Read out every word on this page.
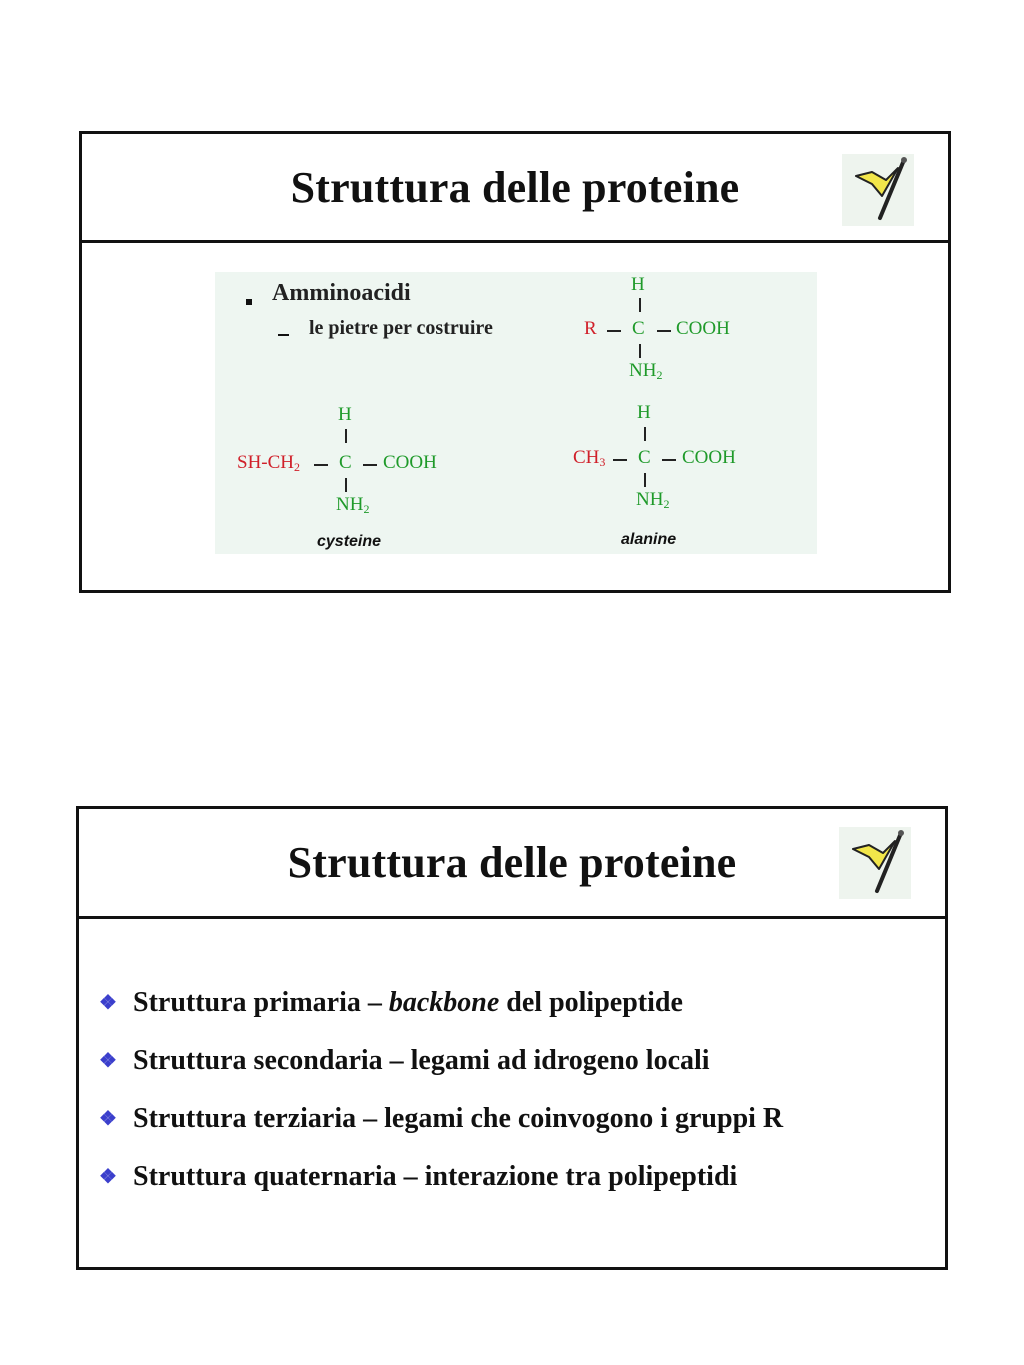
Struttura delle proteine
Amminoacidi
le pietre per costruire
H
R C COOH
$NH_2$
H
$SH-CH_2$ C COOH
$NH_2$
cysteine
H
$CH_3$ C COOH
$NH_2$
alanine
Struttura delle proteine
❖ Struttura primaria – backbone del polipeptide
❖ Struttura secondaria – legami ad idrogeno locali
❖ Struttura terziaria – legami che coinvogono i gruppi R
❖ Struttura quaternaria – interazione tra polipeptidi
